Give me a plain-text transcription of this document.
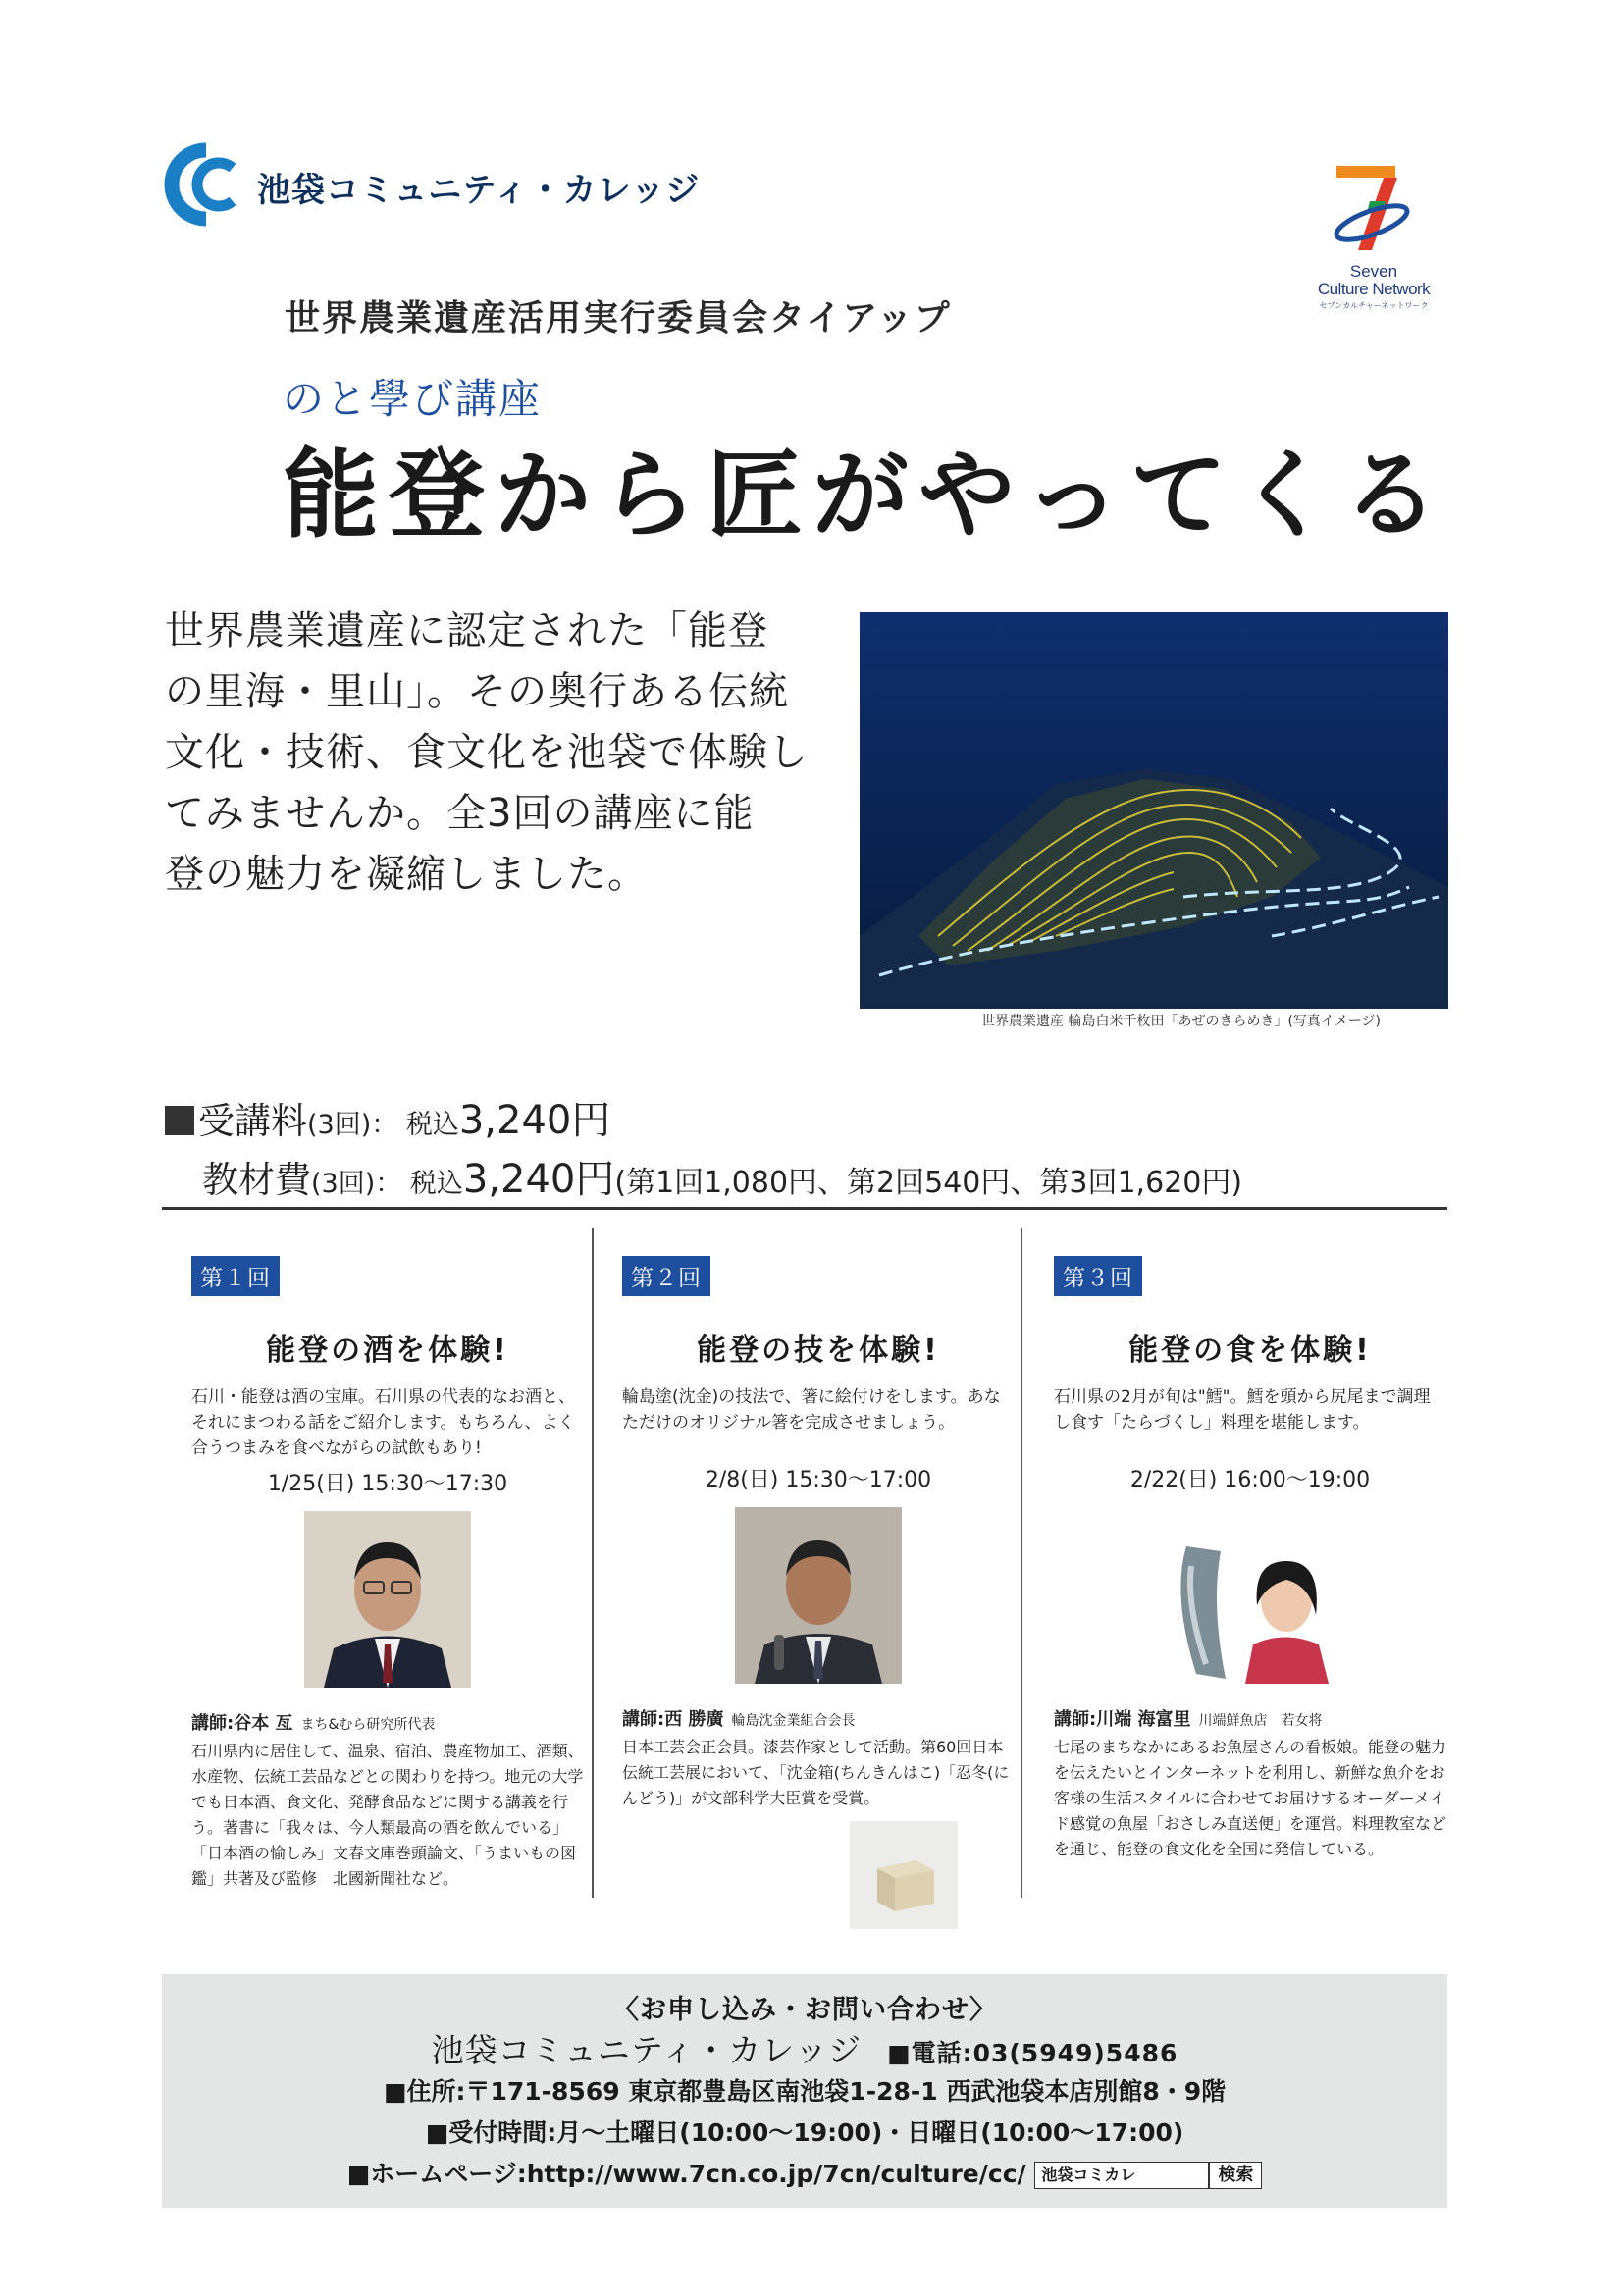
池袋コミュニティ・カレッジ
Seven
Culture Network
セブンカルチャーネットワーク
世界農業遺産活用実行委員会タイアップ
のと學び講座
能登から匠がやってくる
世界農業遺産に認定された「能登
の里海・里山」。その奥行ある伝統
文化・技術、食文化を池袋で体験し
てみませんか。全3回の講座に能
登の魅力を凝縮しました。
世界農業遺産 輪島白米千枚田「あぜのきらめき」(写真イメージ)
受講料(3回)： 税込3,240円
教材費(3回)： 税込3,240円(第1回1,080円、第2回540円、第3回1,620円)
第１回
能登の酒を体験!
石川・能登は酒の宝庫。石川県の代表的なお酒と、それにまつわる話をご紹介します。もちろん、よく合うつまみを食べながらの試飲もあり!
1/25(日) 15:30〜17:30
講師:谷本 亙 まち&むら研究所代表
石川県内に居住して、温泉、宿泊、農産物加工、酒類、水産物、伝統工芸品などとの関わりを持つ。地元の大学でも日本酒、食文化、発酵食品などに関する講義を行う。著書に「我々は、今人類最高の酒を飲んでいる」「日本酒の愉しみ」文春文庫巻頭論文、「うまいもの図鑑」共著及び監修　北國新聞社など。
第２回
能登の技を体験!
輪島塗(沈金)の技法で、箸に絵付けをします。あなただけのオリジナル箸を完成させましょう。
2/8(日) 15:30〜17:00
講師:西 勝廣 輪島沈金業組合会長
日本工芸会正会員。漆芸作家として活動。第60回日本伝統工芸展において、「沈金箱(ちんきんはこ)「忍冬(にんどう)」が文部科学大臣賞を受賞。
第３回
能登の食を体験!
石川県の2月が旬は"鱈"。鱈を頭から尻尾まで調理し食す「たらづくし」料理を堪能します。
2/22(日) 16:00〜19:00
講師:川端 海富里 川端鮮魚店　若女将
七尾のまちなかにあるお魚屋さんの看板娘。能登の魅力を伝えたいとインターネットを利用し、新鮮な魚介をお客様の生活スタイルに合わせてお届けするオーダーメイド感覚の魚屋「おさしみ直送便」を運営。料理教室などを通じ、能登の食文化を全国に発信している。
〈お申し込み・お問い合わせ〉
池袋コミュニティ・カレッジ ■電話:03(5949)5486
■住所:〒171-8569 東京都豊島区南池袋1-28-1 西武池袋本店別館8・9階
■受付時間:月〜土曜日(10:00〜19:00)・日曜日(10:00〜17:00)
■ホームページ:http://www.7cn.co.jp/7cn/culture/cc/ 池袋コミカレ	検索
